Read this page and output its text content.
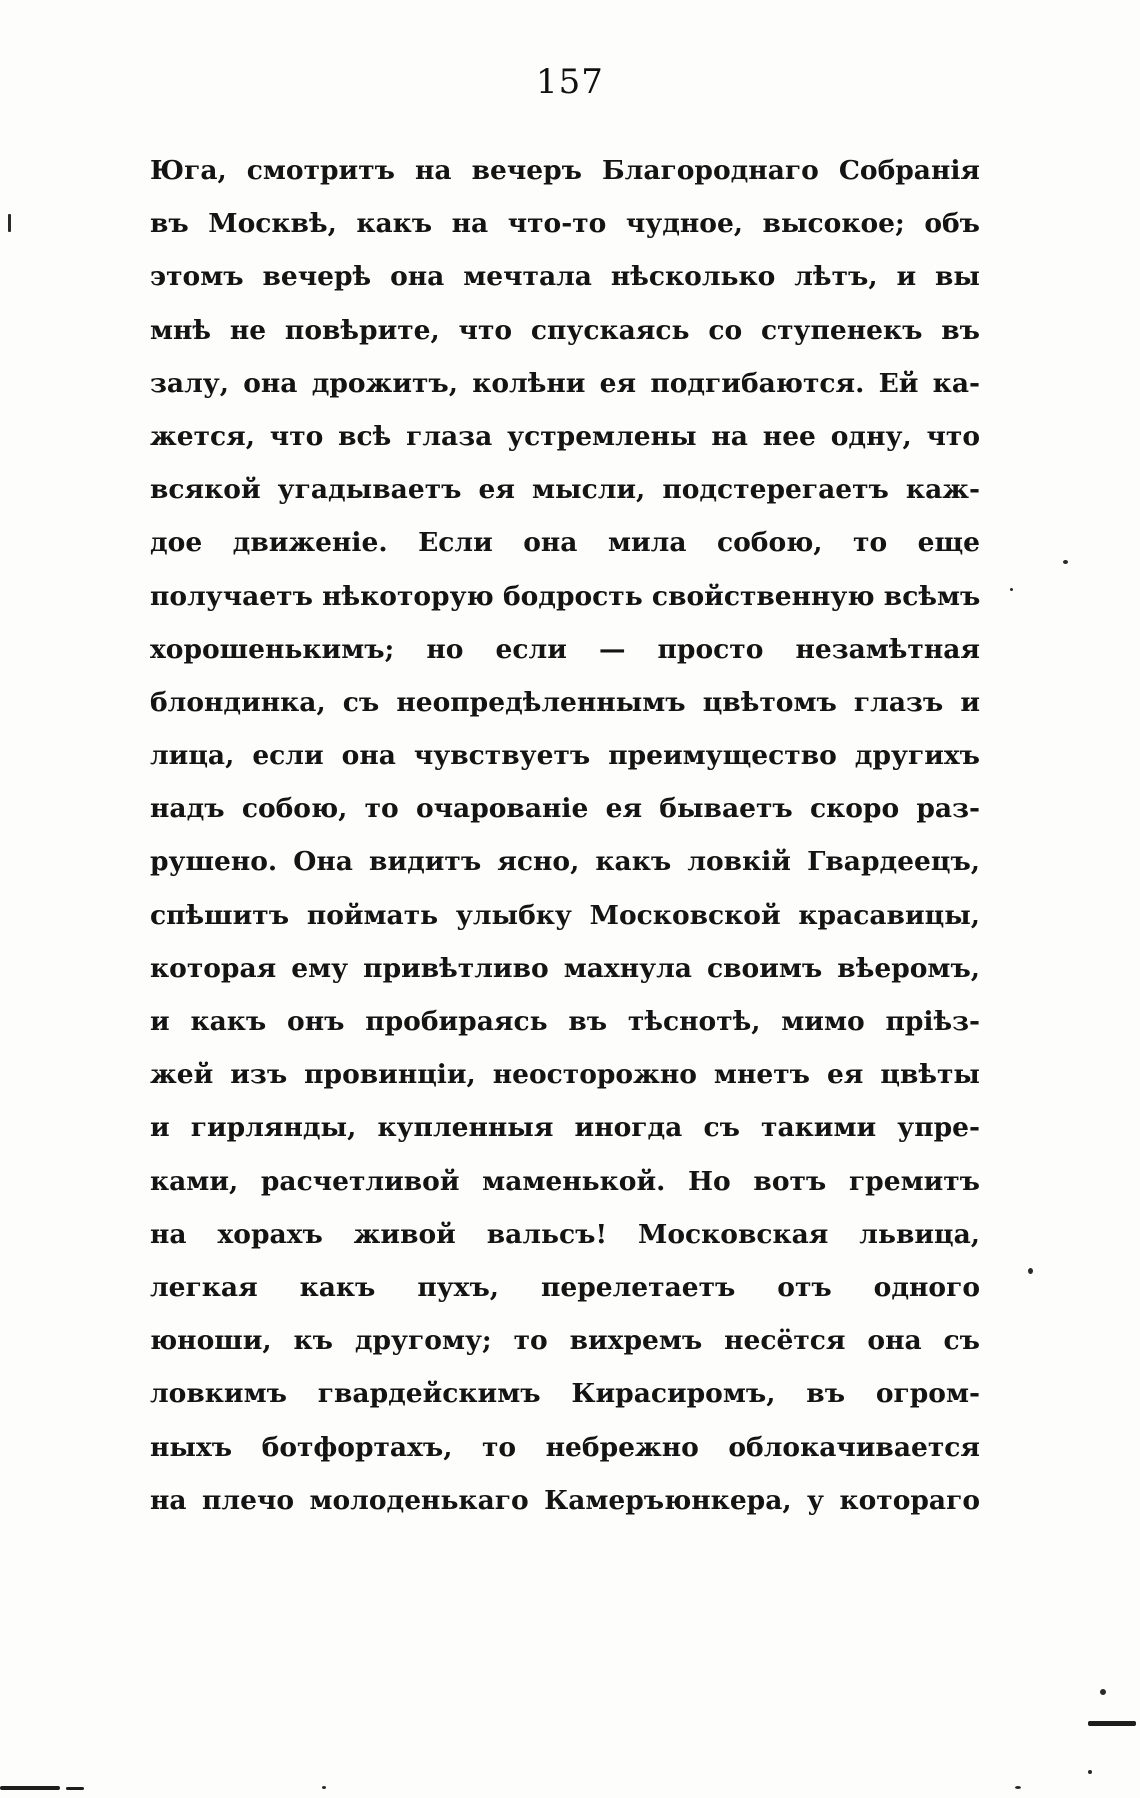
157
Юга, смотритъ на вечеръ Благороднаго Собранія
въ Москвѣ, какъ на что-то чудное, высокое; объ
этомъ вечерѣ она мечтала нѣсколько лѣтъ, и вы
мнѣ не повѣрите, что спускаясь со ступенекъ въ
залу, она дрожитъ, колѣни ея подгибаются. Ей ка-
жется, что всѣ глаза устремлены на нее одну, что
всякой угадываетъ ея мысли, подстерегаетъ каж-
дое движеніе. Если она мила собою, то еще
получаетъ нѣкоторую бодрость свойственную всѣмъ
хорошенькимъ; но если — просто незамѣтная
блондинка, съ неопредѣленнымъ цвѣтомъ глазъ и
лица, если она чувствуетъ преимущество другихъ
надъ собою, то очарованіе ея бываетъ скоро раз-
рушено. Она видитъ ясно, какъ ловкій Гвардеецъ,
спѣшитъ поймать улыбку Московской красавицы,
которая ему привѣтливо махнула своимъ вѣеромъ,
и какъ онъ пробираясь въ тѣснотѣ, мимо пріѣз-
жей изъ провинціи, неосторожно мнетъ ея цвѣты
и гирлянды, купленныя иногда съ такими упре-
ками, расчетливой маменькой. Но вотъ гремитъ
на хорахъ живой вальсъ! Московская львица,
легкая какъ пухъ, перелетаетъ отъ одного
юноши, къ другому; то вихремъ несётся она съ
ловкимъ гвардейскимъ Кирасиромъ, въ огром-
ныхъ ботфортахъ, то небрежно облокачивается
на плечо молоденькаго Камеръюнкера, у котораго
